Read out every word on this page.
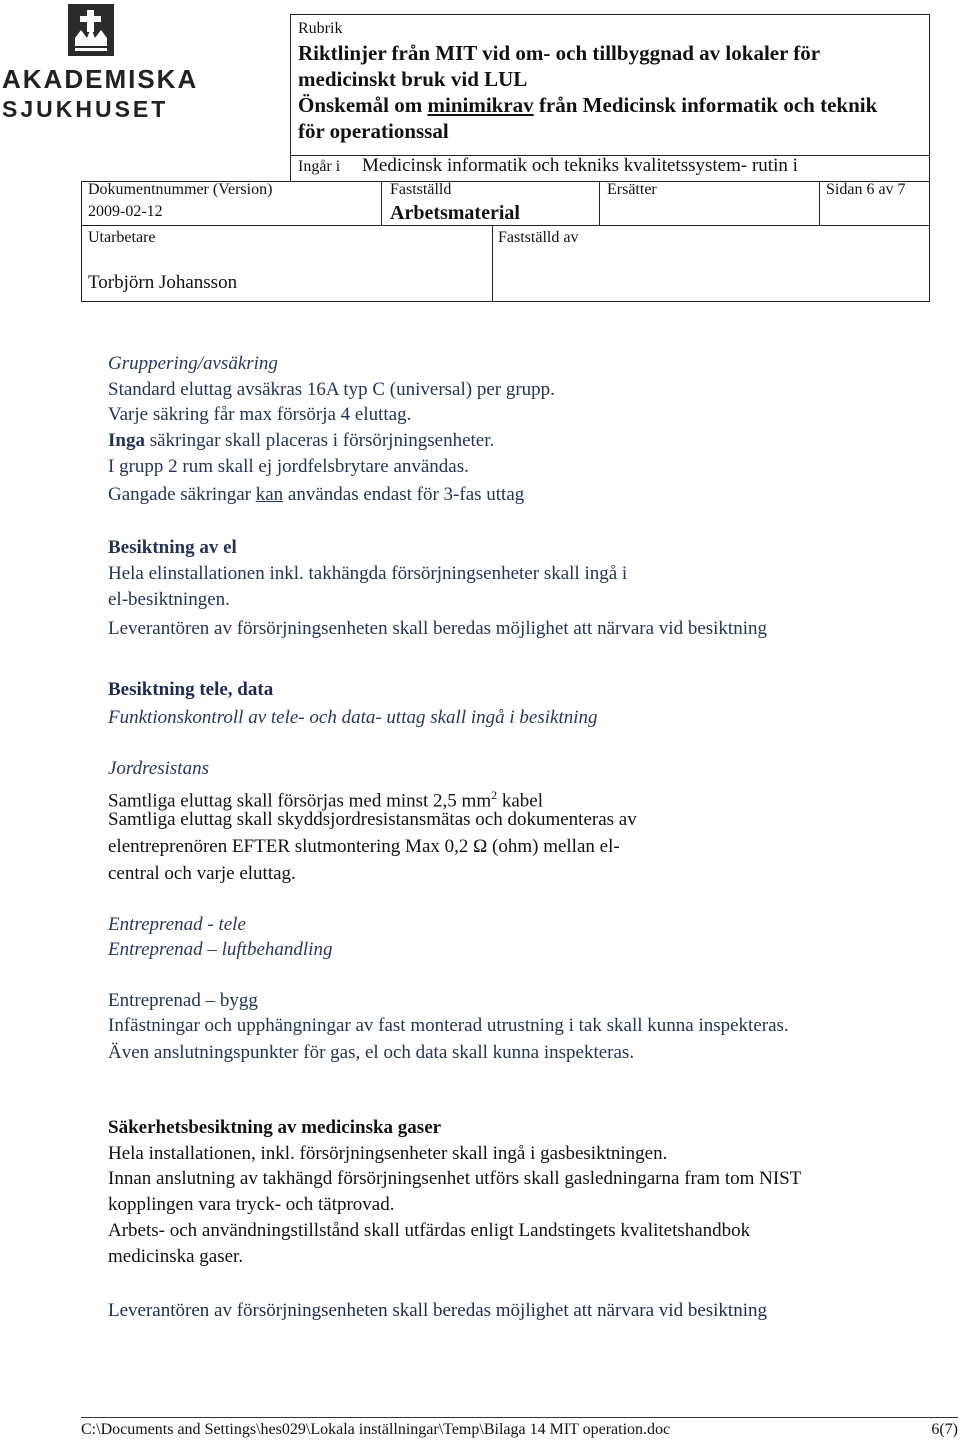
AKADEMISKA
SJUKHUSET
Rubrik
Riktlinjer från MIT vid om- och tillbyggnad av lokaler för
medicinskt bruk vid LUL
Önskemål om minimikrav från Medicinsk informatik och teknik
för operationssal
Ingår i Medicinsk informatik och tekniks kvalitetssystem- rutin i
Dokumentnummer (Version)
2009-02-12
Fastställd
Arbetsmaterial
Ersätter	Sidan 6 av 7
Utarbetare
Torbjörn Johansson
Fastställd av
Gruppering/avsäkring
Standard eluttag avsäkras 16A typ C (universal) per grupp.
Varje säkring får max försörja 4 eluttag.
Inga säkringar skall placeras i försörjningsenheter.
I grupp 2 rum skall ej jordfelsbrytare användas.
Gangade säkringar kan användas endast för 3-fas uttag
Besiktning av el
Hela elinstallationen inkl. takhängda försörjningsenheter skall ingå i
el-besiktningen.
Leverantören av försörjningsenheten skall beredas möjlighet att närvara vid besiktning
Besiktning tele, data
Funktionskontroll av tele- och data- uttag skall ingå i besiktning
Jordresistans
Samtliga eluttag skall försörjas med minst 2,5 $mm^2$ kabel
Samtliga eluttag skall skyddsjordresistansmätas och dokumenteras av
elentreprenören EFTER slutmontering Max 0,2 Ω (ohm) mellan el-
central och varje eluttag.
Entreprenad - tele
Entreprenad – luftbehandling
Entreprenad – bygg
Infästningar och upphängningar av fast monterad utrustning i tak skall kunna inspekteras.
Även anslutningspunkter för gas, el och data skall kunna inspekteras.
Säkerhetsbesiktning av medicinska gaser
Hela installationen, inkl. försörjningsenheter skall ingå i gasbesiktningen.
Innan anslutning av takhängd försörjningsenhet utförs skall gasledningarna fram tom NIST
kopplingen vara tryck- och tätprovad.
Arbets- och användningstillstånd skall utfärdas enligt Landstingets kvalitetshandbok
medicinska gaser.
Leverantören av försörjningsenheten skall beredas möjlighet att närvara vid besiktning
C:\Documents and Settings\hes029\Lokala inställningar\Temp\Bilaga 14 MIT operation.doc	6(7)
